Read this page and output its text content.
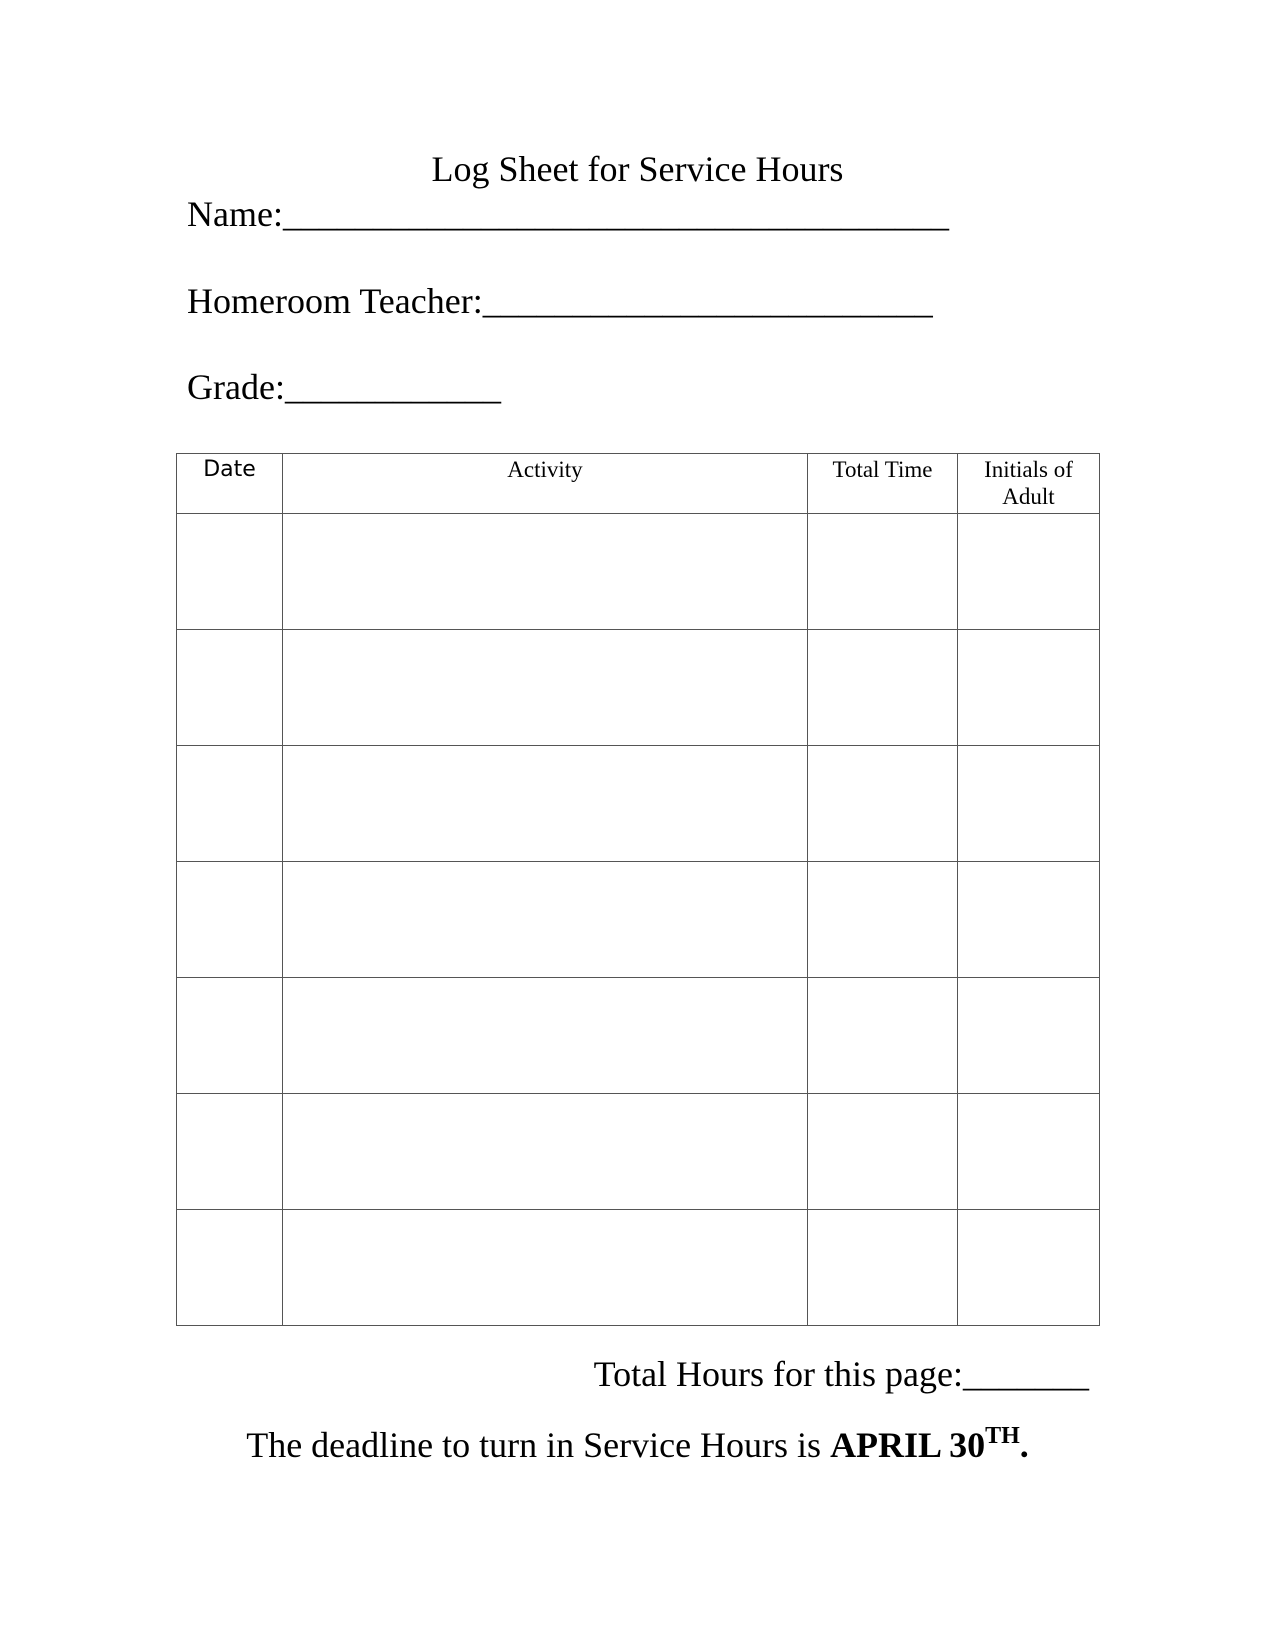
Log Sheet for Service Hours
Name:_____________________________________
Homeroom Teacher:_________________________
Grade:____________
Date	Activity	Total Time	Initials of Adult

Total Hours for this page:_______
The deadline to turn in Service Hours is APRIL 30TH.
